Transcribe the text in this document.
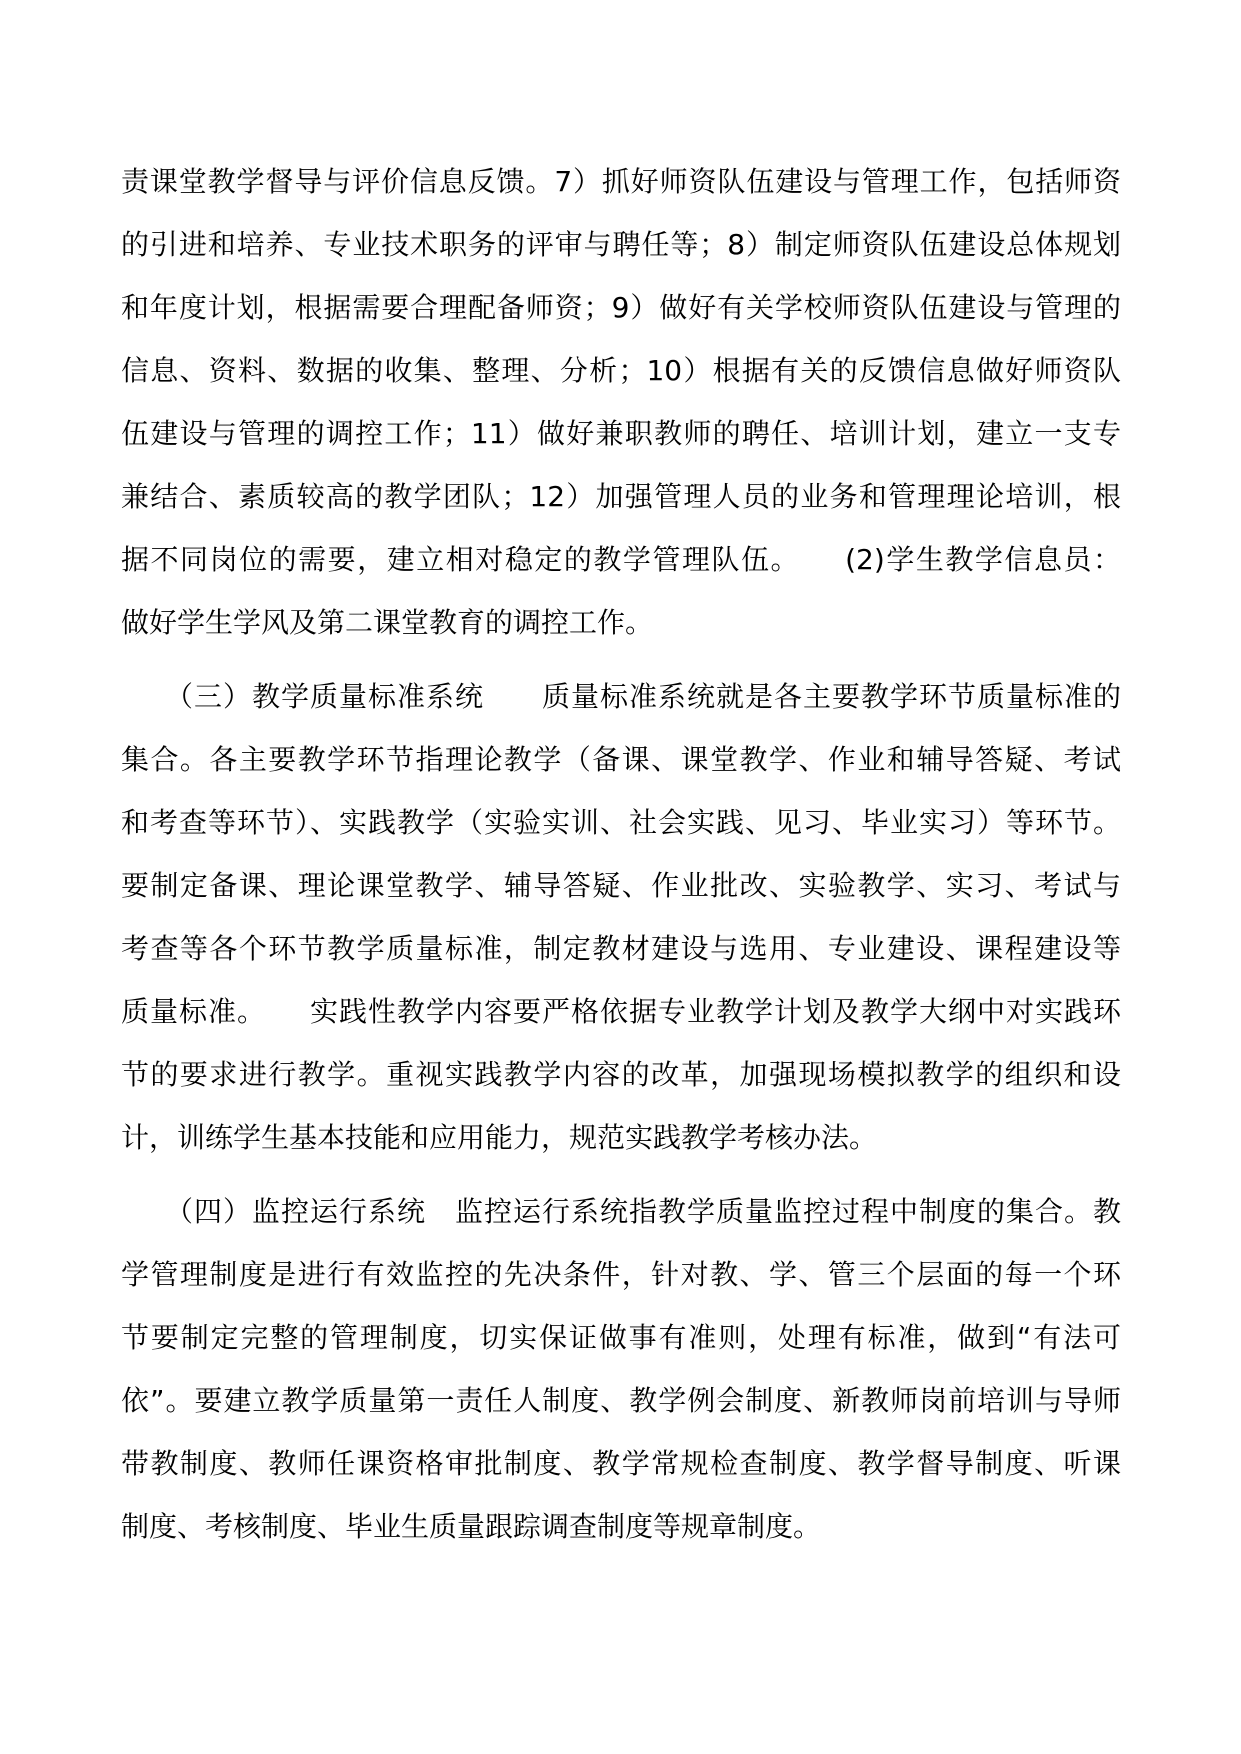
责课堂教学督导与评价信息反馈。7）抓好师资队伍建设与管理工作，包括师资
的引进和培养、专业技术职务的评审与聘任等；8）制定师资队伍建设总体规划
和年度计划，根据需要合理配备师资；9）做好有关学校师资队伍建设与管理的
信息、资料、数据的收集、整理、分析；10）根据有关的反馈信息做好师资队
伍建设与管理的调控工作；11）做好兼职教师的聘任、培训计划，建立一支专
兼结合、素质较高的教学团队；12）加强管理人员的业务和管理理论培训，根
据不同岗位的需要，建立相对稳定的教学管理队伍。　　(2)学生教学信息员：
做好学生学风及第二课堂教育的调控工作。
　　（三）教学质量标准系统　　质量标准系统就是各主要教学环节质量标准的
集合。各主要教学环节指理论教学（备课、课堂教学、作业和辅导答疑、考试
和考查等环节）、实践教学（实验实训、社会实践、见习、毕业实习）等环节。
要制定备课、理论课堂教学、辅导答疑、作业批改、实验教学、实习、考试与
考查等各个环节教学质量标准，制定教材建设与选用、专业建设、课程建设等
质量标准。　　实践性教学内容要严格依据专业教学计划及教学大纲中对实践环
节的要求进行教学。重视实践教学内容的改革，加强现场模拟教学的组织和设
计，训练学生基本技能和应用能力，规范实践教学考核办法。
　　（四）监控运行系统　监控运行系统指教学质量监控过程中制度的集合。教
学管理制度是进行有效监控的先决条件，针对教、学、管三个层面的每一个环
节要制定完整的管理制度，切实保证做事有准则，处理有标准，做到“有法可
依”。要建立教学质量第一责任人制度、教学例会制度、新教师岗前培训与导师
带教制度、教师任课资格审批制度、教学常规检查制度、教学督导制度、听课
制度、考核制度、毕业生质量跟踪调查制度等规章制度。
